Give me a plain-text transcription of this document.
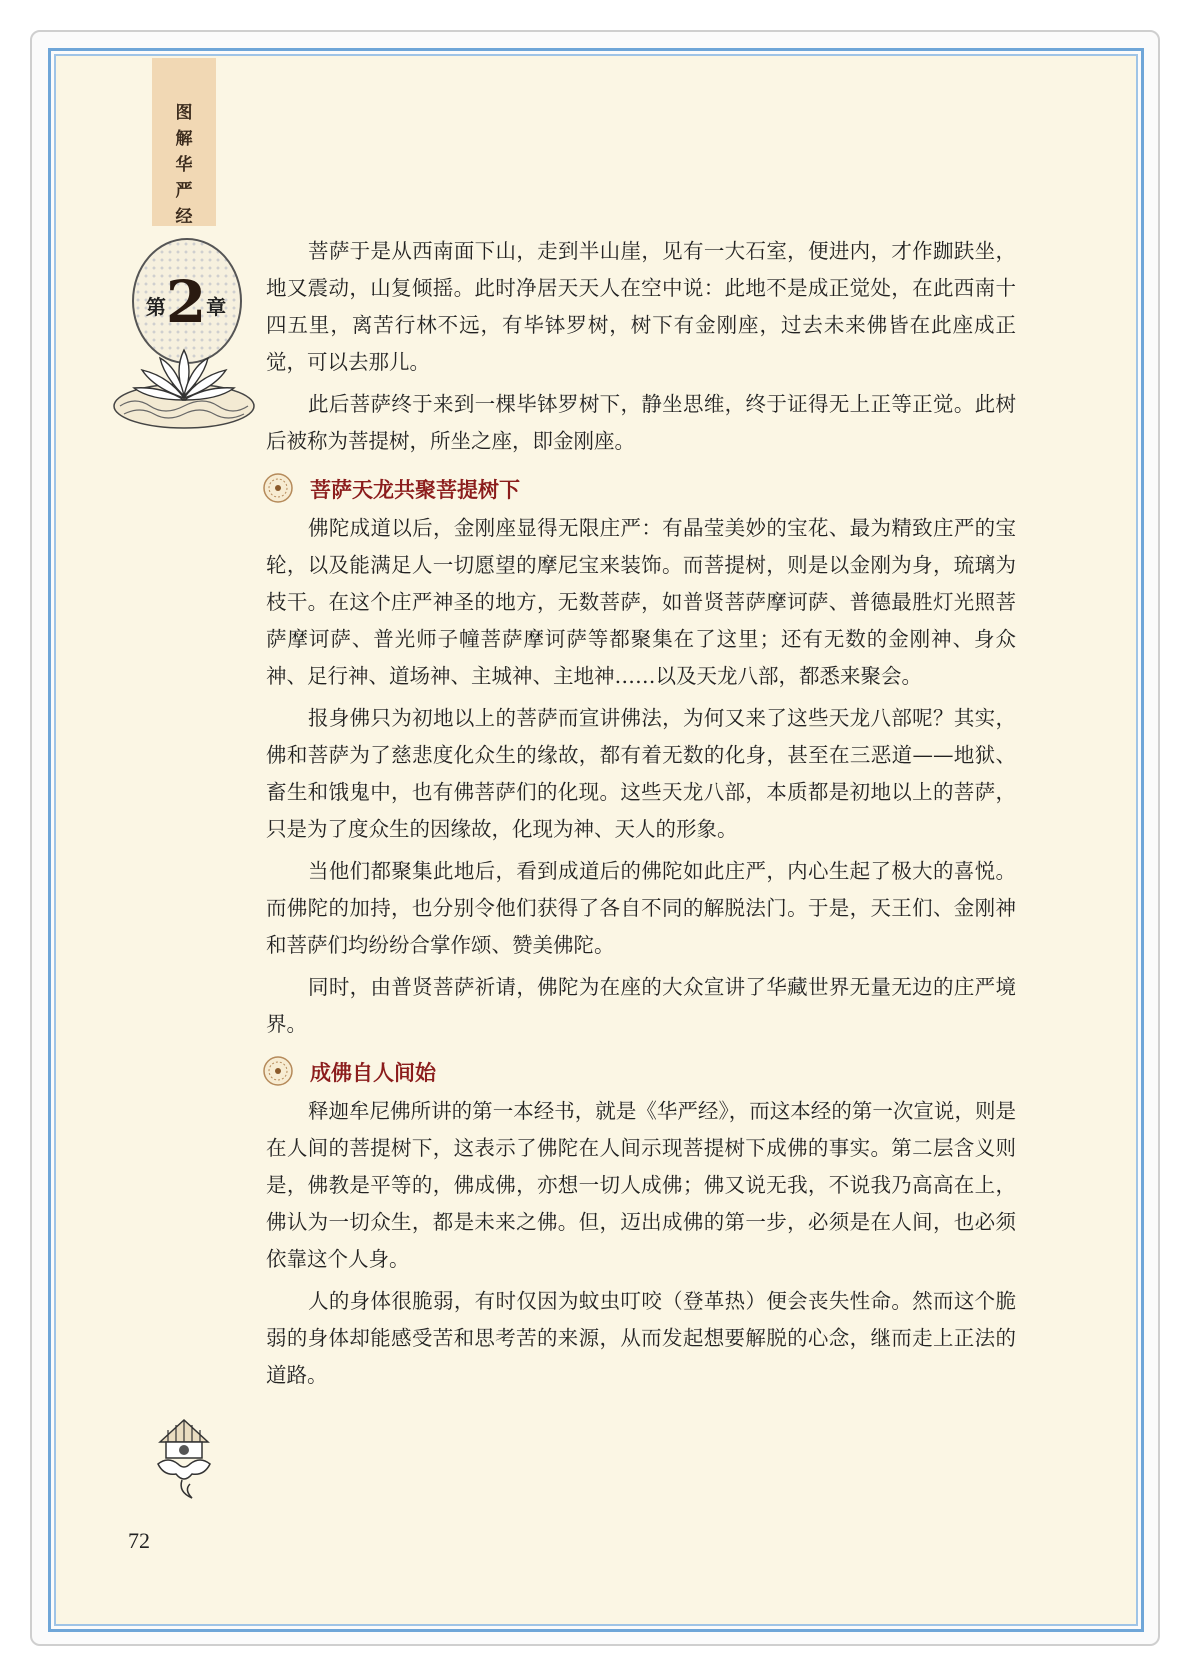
图
解
华
严
经
第2章

菩萨于是从西南面下山，走到半山崖，见有一大石室，便进内，才作跏趺坐，地又震动，山复倾摇。此时净居天天人在空中说：此地不是成正觉处，在此西南十四五里，离苦行林不远，有毕钵罗树，树下有金刚座，过去未来佛皆在此座成正觉，可以去那儿。

此后菩萨终于来到一棵毕钵罗树下，静坐思维，终于证得无上正等正觉。此树后被称为菩提树，所坐之座，即金刚座。

菩萨天龙共聚菩提树下

佛陀成道以后，金刚座显得无限庄严：有晶莹美妙的宝花、最为精致庄严的宝轮，以及能满足人一切愿望的摩尼宝来装饰。而菩提树，则是以金刚为身，琉璃为枝干。在这个庄严神圣的地方，无数菩萨，如普贤菩萨摩诃萨、普德最胜灯光照菩萨摩诃萨、普光师子幢菩萨摩诃萨等都聚集在了这里；还有无数的金刚神、身众神、足行神、道场神、主城神、主地神……以及天龙八部，都悉来聚会。

报身佛只为初地以上的菩萨而宣讲佛法，为何又来了这些天龙八部呢？其实，佛和菩萨为了慈悲度化众生的缘故，都有着无数的化身，甚至在三恶道——地狱、畜生和饿鬼中，也有佛菩萨们的化现。这些天龙八部，本质都是初地以上的菩萨，只是为了度众生的因缘故，化现为神、天人的形象。

当他们都聚集此地后，看到成道后的佛陀如此庄严，内心生起了极大的喜悦。而佛陀的加持，也分别令他们获得了各自不同的解脱法门。于是，天王们、金刚神和菩萨们均纷纷合掌作颂、赞美佛陀。

同时，由普贤菩萨祈请，佛陀为在座的大众宣讲了华藏世界无量无边的庄严境界。

成佛自人间始

释迦牟尼佛所讲的第一本经书，就是《华严经》，而这本经的第一次宣说，则是在人间的菩提树下，这表示了佛陀在人间示现菩提树下成佛的事实。第二层含义则是，佛教是平等的，佛成佛，亦想一切人成佛；佛又说无我，不说我乃高高在上，佛认为一切众生，都是未来之佛。但，迈出成佛的第一步，必须是在人间，也必须依靠这个人身。

人的身体很脆弱，有时仅因为蚊虫叮咬（登革热）便会丧失性命。然而这个脆弱的身体却能感受苦和思考苦的来源，从而发起想要解脱的心念，继而走上正法的道路。

72
